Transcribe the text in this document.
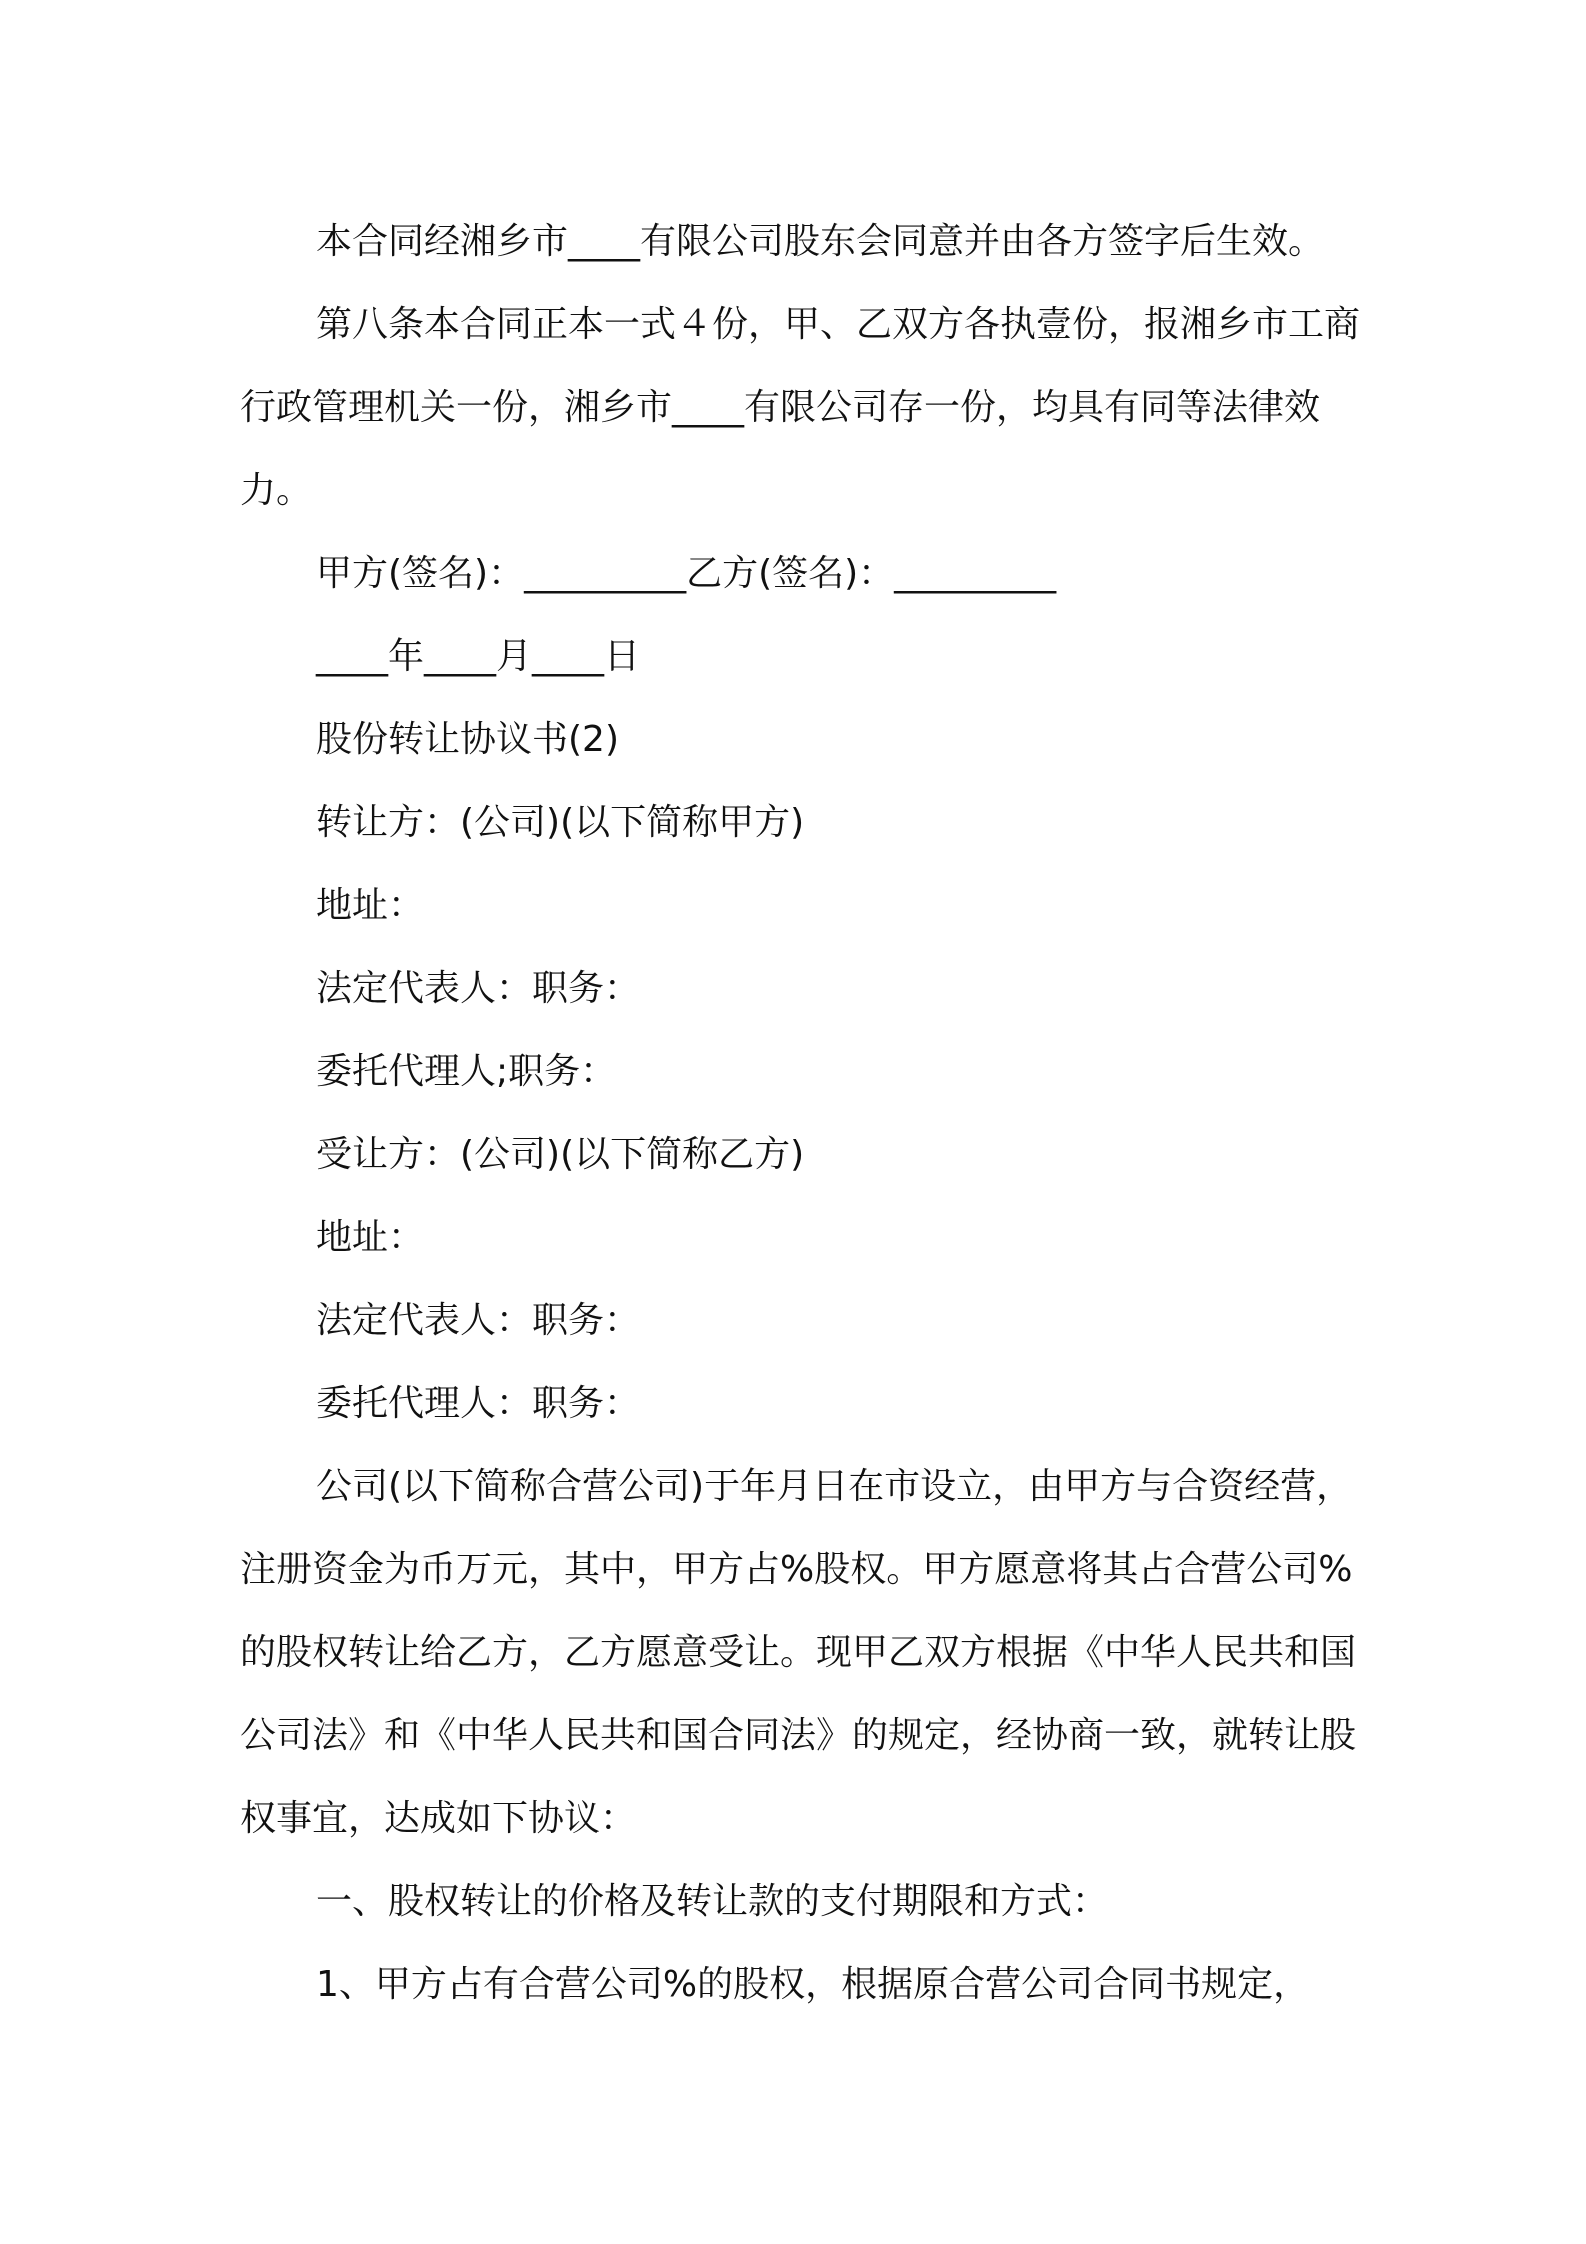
本合同经湘乡市____有限公司股东会同意并由各方签字后生效。

第八条本合同正本一式４份，甲、乙双方各执壹份，报湘乡市工商行政管理机关一份，湘乡市____有限公司存一份，均具有同等法律效力。

甲方(签名)：_________乙方(签名)：_________

____年____月____日

股份转让协议书(2)

转让方：(公司)(以下简称甲方)

地址：

法定代表人：职务：

委托代理人;职务：

受让方：(公司)(以下简称乙方)

地址：

法定代表人：职务：

委托代理人：职务：

公司(以下简称合营公司)于年月日在市设立，由甲方与合资经营，注册资金为币万元，其中，甲方占%股权。甲方愿意将其占合营公司%的股权转让给乙方，乙方愿意受让。现甲乙双方根据《中华人民共和国公司法》和《中华人民共和国合同法》的规定，经协商一致，就转让股权事宜，达成如下协议：

一、股权转让的价格及转让款的支付期限和方式：

1、甲方占有合营公司%的股权，根据原合营公司合同书规定，
